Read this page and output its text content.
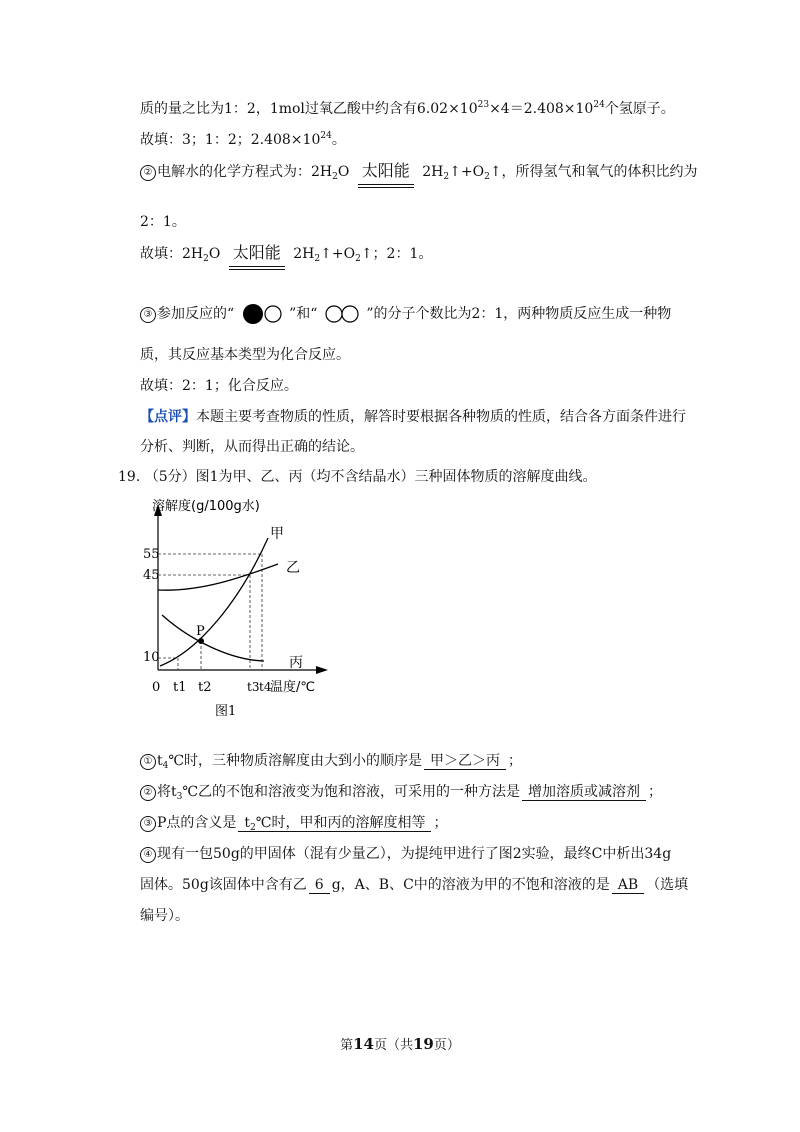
质的量之比为1：2，1mol过氧乙酸中约含有$6.02\times 10^{23}\times 4=2.408\times 10^{24}$个氢原子。
故填：3；1：2；$2.408\times 10^{24}$。
② 电解水的化学方程式为：$2H_2O$ 太阳能 $2H_2↑+O_2↑$，所得氢气和氧气的体积比约为
2：1。
故填：$2H_2O$ 太阳能 $2H_2↑+O_2↑$；2：1。
③ 参加反应的“	”和“	”的分子个数比为2：1，两种物质反应生成一种物
质，其反应基本类型为化合反应。
故填：2：1；化合反应。
【点评】本题主要考查物质的性质，解答时要根据各种物质的性质，结合各方面条件进行
分析、判断，从而得出正确的结论。
19. （5分）图1为甲、乙、丙（均不含结晶水）三种固体物质的溶解度曲线。
溶解度(g/100g水)
温度/℃
55
45
10
0 t1 t2	t3 t4
P
甲
乙
丙
图1
① $t_4℃$时，三种物质溶解度由大到小的顺序是 甲＞乙＞丙 ；
② 将$t_3℃$乙的不饱和溶液变为饱和溶液，可采用的一种方法是 增加溶质或减溶剂 ；
③ P点的含义是 $t_2℃$时，甲和丙的溶解度相等 ；
④ 现有一包50g的甲固体（混有少量乙），为提纯甲进行了图2实验，最终C中析出34g
固体。50g该固体中含有乙 6 g，A、B、C中的溶液为甲的不饱和溶液的是 AB （选填
编号）。
第14页（共19页）
